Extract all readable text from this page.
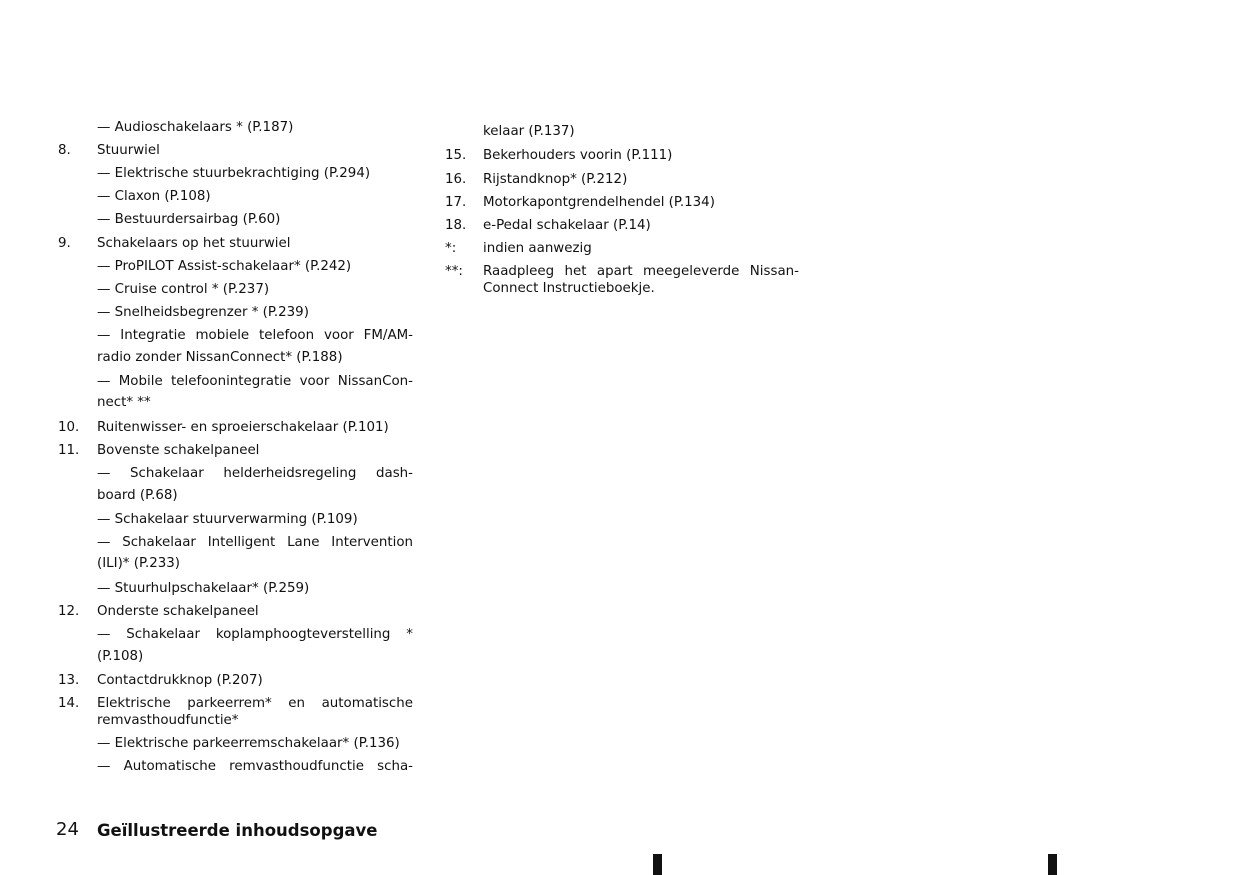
— Audioschakelaars * (P.187)
8. Stuurwiel
— Elektrische stuurbekrachtiging (P.294)
— Claxon (P.108)
— Bestuurdersairbag (P.60)
9. Schakelaars op het stuurwiel
— ProPILOT Assist-schakelaar* (P.242)
— Cruise control * (P.237)
— Snelheidsbegrenzer * (P.239)
— Integratie mobiele telefoon voor FM/AM-
radio zonder NissanConnect* (P.188)
— Mobile telefoonintegratie voor NissanCon-
nect* **
10. Ruitenwisser- en sproeierschakelaar (P.101)
11. Bovenste schakelpaneel
— Schakelaar helderheidsregeling dash-
board (P.68)
— Schakelaar stuurverwarming (P.109)
— Schakelaar Intelligent Lane Intervention
(ILI)* (P.233)
— Stuurhulpschakelaar* (P.259)
12. Onderste schakelpaneel
— Schakelaar koplamphoogteverstelling *
(P.108)
13. Contactdrukknop (P.207)
14. Elektrische parkeerrem* en automatische
remvasthoudfunctie*
— Elektrische parkeerremschakelaar* (P.136)
— Automatische remvasthoudfunctie scha-
kelaar (P.137)
15. Bekerhouders voorin (P.111)
16. Rijstandknop* (P.212)
17. Motorkapontgrendelhendel (P.134)
18. e-Pedal schakelaar (P.14)
*: indien aanwezig
**: Raadpleeg het apart meegeleverde Nissan-
Connect Instructieboekje.
24 Geïllustreerde inhoudsopgave
